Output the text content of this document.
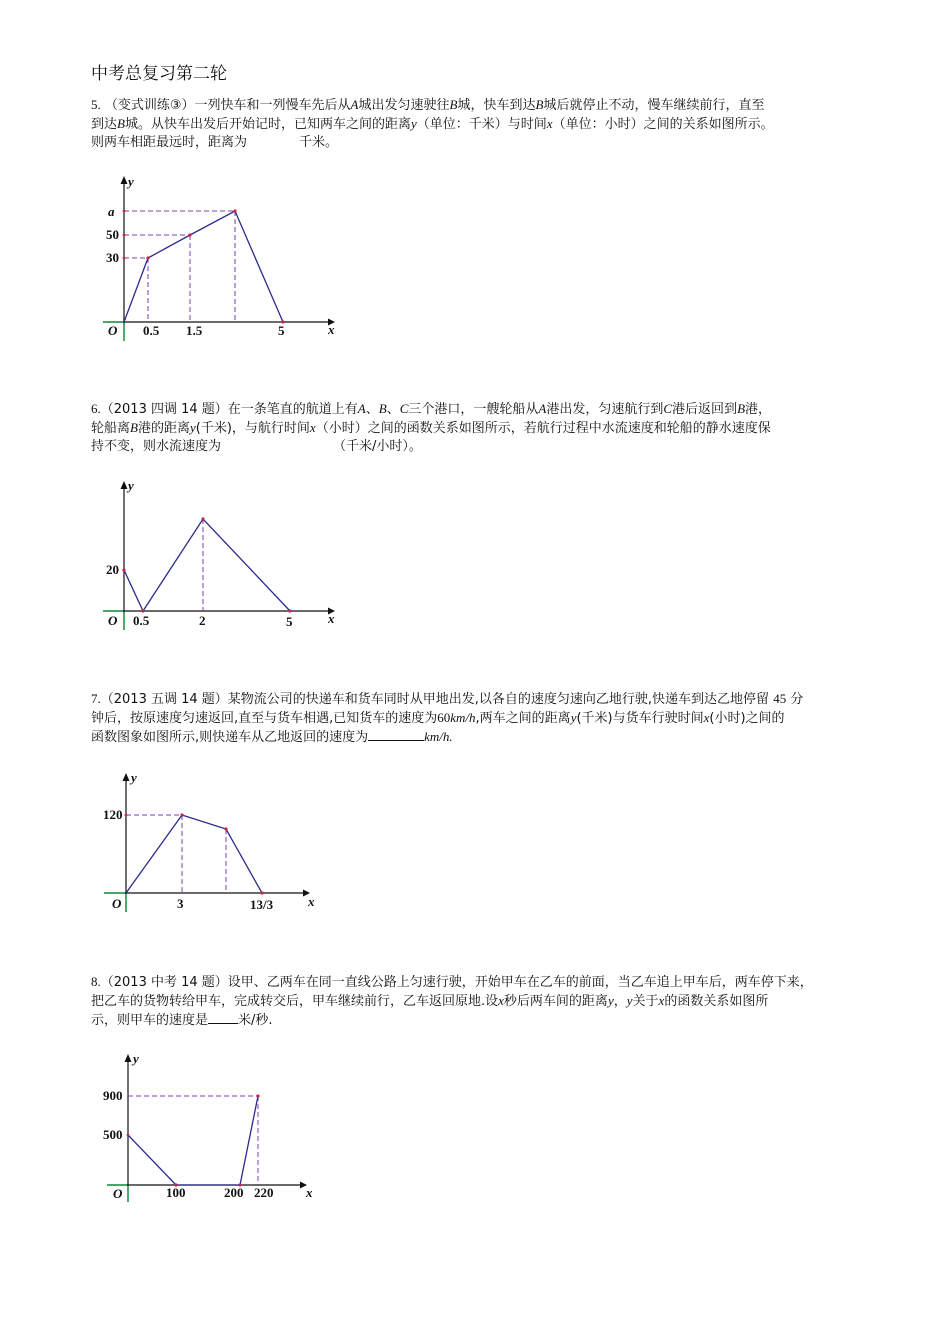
中考总复习第二轮
5. （变式训练③）一列快车和一列慢车先后从A城出发匀速驶往B城，快车到达B城后就停止不动，慢车继续前行，直至
到达B城。从快车出发后开始记时，已知两车之间的距离y（单位：千米）与时间x（单位：小时）之间的关系如图所示。
则两车相距最远时，距离为	千米。
y
x
O 0.5 1.5	5
a
50
30
6.（2013 四调 14 题）在一条笔直的航道上有A、B、C三个港口，一艘轮船从A港出发，匀速航行到C港后返回到B港，
轮船离B港的距离y(千米)，与航行时间x（小时）之间的函数关系如图所示，若航行过程中水流速度和轮船的静水速度保
持不变，则水流速度为	（千米/小时）。
y
x
O 0.5	2	5
20
7.（2013 五调 14 题）某物流公司的快递车和货车同时从甲地出发,以各自的速度匀速向乙地行驶,快递车到达乙地停留 45 分
钟后，按原速度匀速返回,直至与货车相遇,已知货车的速度为60km/h,两车之间的距离y(千米)与货车行驶时间x(小时)之间的
函数图象如图所示,则快递车从乙地返回的速度为	km/h.
y
x
O	3	13/3
120
8.（2013 中考 14 题）设甲、乙两车在同一直线公路上匀速行驶，开始甲车在乙车的前面，当乙车追上甲车后，两车停下来，
把乙车的货物转给甲车，完成转交后，甲车继续前行，乙车返回原地.设x秒后两车间的距离y，y关于x的函数关系如图所
示，则甲车的速度是 米/秒.
y
x
O	100	200 220
900
500
